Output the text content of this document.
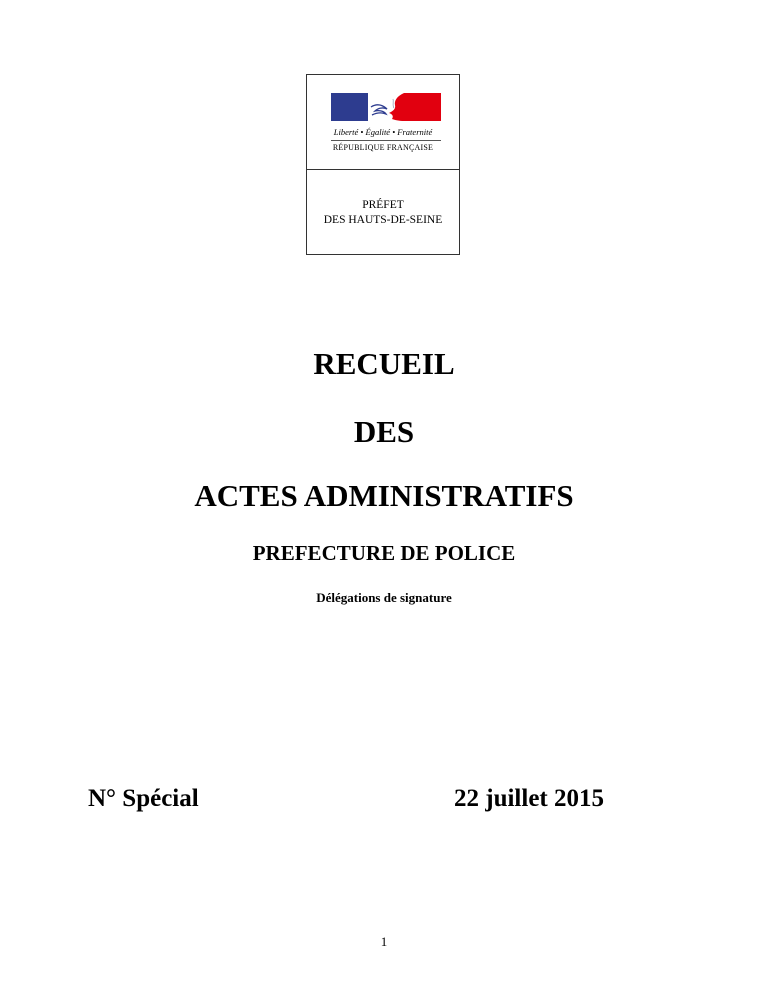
Liberté • Égalité • Fraternité
RÉPUBLIQUE FRANÇAISE
PRÉFET
DES HAUTS-DE-SEINE
RECUEIL
DES
ACTES ADMINISTRATIFS
PREFECTURE DE POLICE
Délégations de signature
N° Spécial	22 juillet 2015
1
